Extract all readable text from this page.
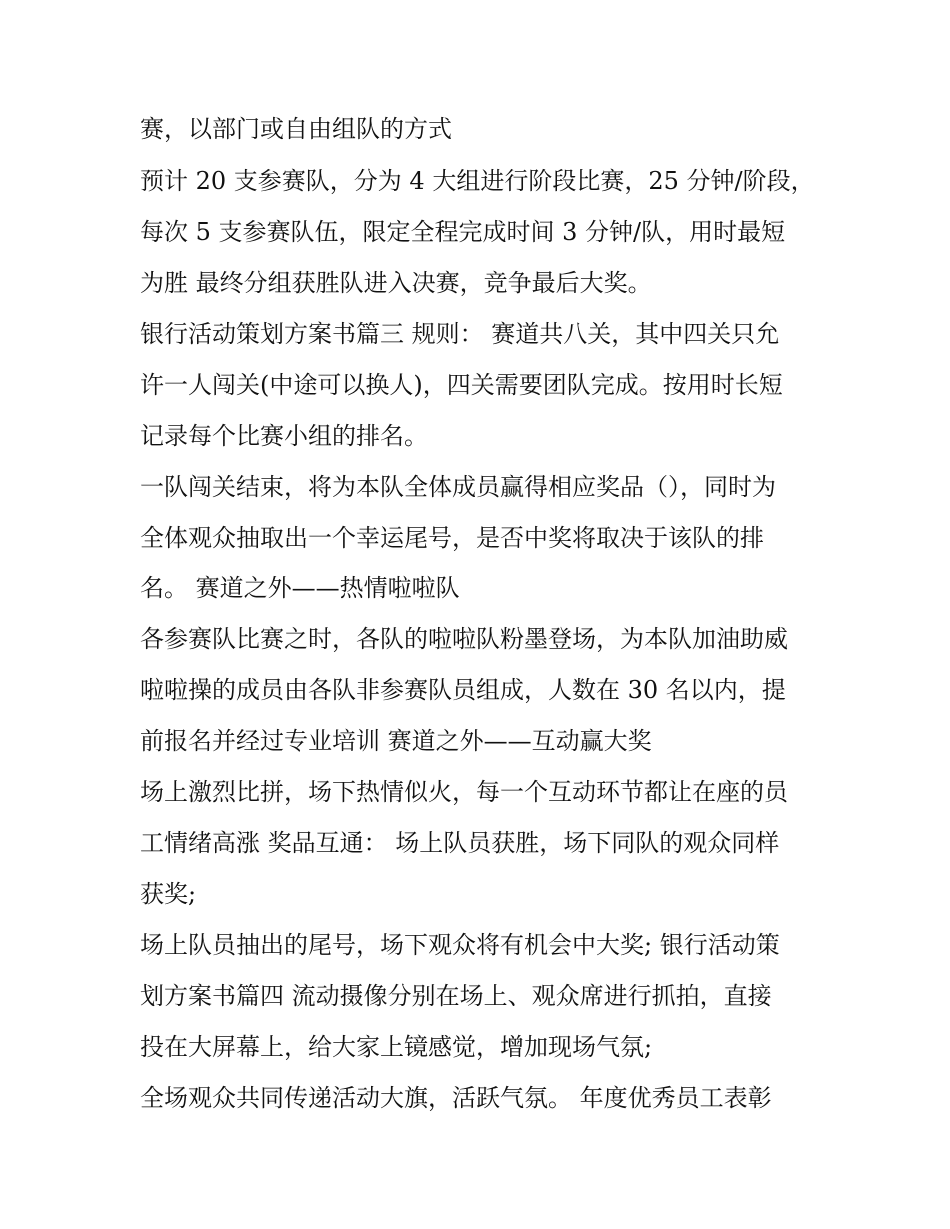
赛，以部门或自由组队的方式
预计 20 支参赛队，分为 4 大组进行阶段比赛，25 分钟/阶段，
每次 5 支参赛队伍，限定全程完成时间 3 分钟/队，用时最短
为胜 最终分组获胜队进入决赛，竞争最后大奖。
银行活动策划方案书篇三 规则： 赛道共八关，其中四关只允
许一人闯关(中途可以换人)，四关需要团队完成。按用时长短
记录每个比赛小组的排名。
一队闯关结束，将为本队全体成员赢得相应奖品（），同时为
全体观众抽取出一个幸运尾号，是否中奖将取决于该队的排
名。 赛道之外——热情啦啦队
各参赛队比赛之时，各队的啦啦队粉墨登场，为本队加油助威
啦啦操的成员由各队非参赛队员组成，人数在 30 名以内，提
前报名并经过专业培训 赛道之外——互动赢大奖
场上激烈比拼，场下热情似火，每一个互动环节都让在座的员
工情绪高涨 奖品互通： 场上队员获胜，场下同队的观众同样
获奖;
场上队员抽出的尾号，场下观众将有机会中大奖; 银行活动策
划方案书篇四 流动摄像分别在场上、观众席进行抓拍，直接
投在大屏幕上，给大家上镜感觉，增加现场气氛;
全场观众共同传递活动大旗，活跃气氛。 年度优秀员工表彰
